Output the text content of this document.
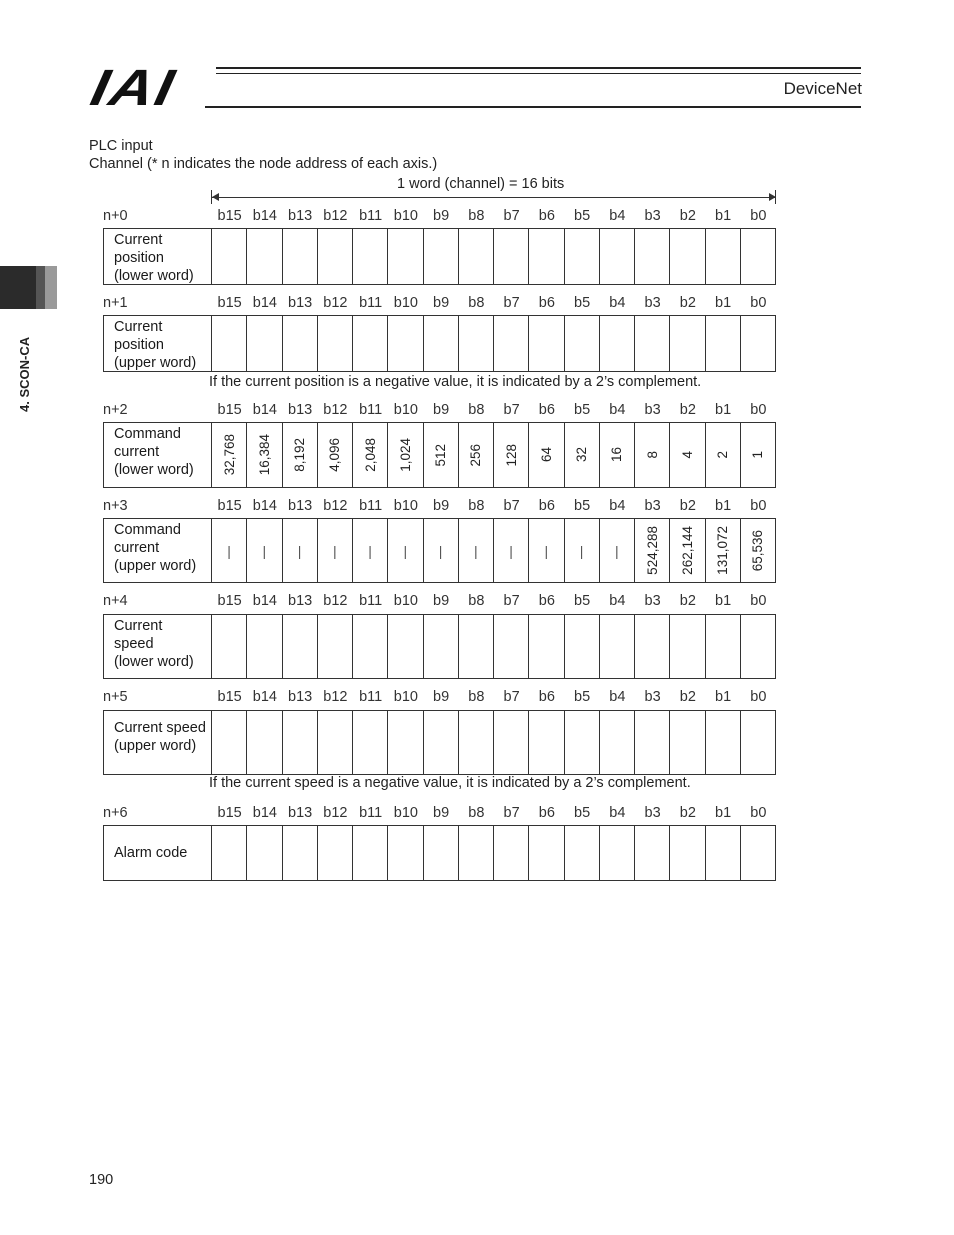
IAI	DeviceNet
4. SCON-CA
PLC input
Channel (* n indicates the node address of each axis.)
1 word (channel) = 16 bits
n+0	b15 b14 b13 b12 b11 b10	b9	b8	b7	b6	b5	b4	b3	b2	b1	b0
Current
position
(lower word)
n+1	b15 b14 b13 b12 b11 b10	b9	b8	b7	b6	b5	b4	b3	b2	b1	b0
Current
position
(upper word)
If the current position is a negative value, it is indicated by a 2’s complement.
n+2	b15 b14 b13 b12 b11 b10	b9	b8	b7	b6	b5	b4	b3	b2	b1	b0
Command
current
(lower word)	32,768 16,384 8,192 4,096 2,048 1,024 512 256 128 64 32 16 8 4 2 1
n+3	b15 b14 b13 b12 b11 b10	b9	b8	b7	b6	b5	b4	b3	b2	b1	b0
Command
current
(upper word)
| | | | | | | | | | | | 524,288 262,144 131,072 65,536
n+4	b15 b14 b13 b12 b11 b10	b9	b8	b7	b6	b5	b4	b3	b2	b1	b0
Current
speed
(lower word)
n+5	b15 b14 b13 b12 b11 b10	b9	b8	b7	b6	b5	b4	b3	b2	b1	b0
Current speed
(upper word)
If the current speed is a negative value, it is indicated by a 2’s complement.
n+6	b15 b14 b13 b12 b11 b10	b9	b8	b7	b6	b5	b4	b3	b2	b1	b0
Alarm code
190
